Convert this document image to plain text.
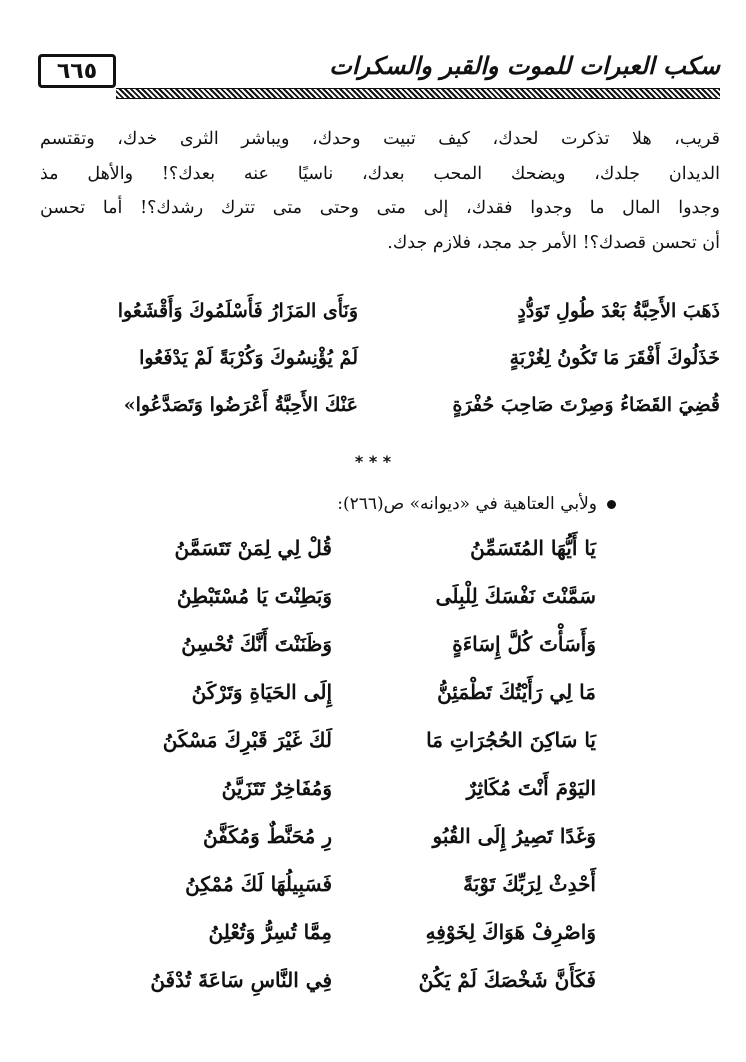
٦٦٥	سكب العبرات للموت والقبر والسكرات
قريب، هلا تذكرت لحدك، كيف تبيت وحدك، ويباشر الثرى خدك، وتقتسم
الديدان جلدك، ويضحك المحب بعدك، ناسيًا عنه بعدك؟! والأهل مذ
وجدوا المال ما وجدوا فقدك، إلى متى وحتى متى تترك رشدك؟! أما تحسن
أن تحسن قصدك؟! الأمر جد مجد، فلازم جدك.
ذَهَبَ الأَحِبَّةُ بَعْدَ طُولِ تَوَدُّدٍ
وَنَأَى المَزَارُ فَأَسْلَمُوكَ وَأَقْشَعُوا
خَذَلُوكَ أَفْقَرَ مَا تَكُونُ لِغُرْبَةٍ
لَمْ يُؤْنِسُوكَ وَكُرْبَةً لَمْ يَدْفَعُوا
قُضِيَ القَضَاءُ وَصِرْتَ صَاحِبَ حُفْرَةٍ
عَنْكَ الأَحِبَّةُ أَعْرَضُوا وَتَصَدَّعُوا»
* * *
ولأبي العتاهية في «ديوانه» ص(٢٦٦):
يَا أَيُّهَا المُتَسَمِّنُ
قُلْ لِي لِمَنْ تَتَسَمَّنُ
سَمَّنْتَ نَفْسَكَ لِلْبِلَى
وَبَطِنْتَ يَا مُسْتَبْطِنُ
وَأَسَأْتَ كُلَّ إِسَاءَةٍ
وَظَنَنْتَ أَنَّكَ تُحْسِنُ
مَا لِي رَأَيْتُكَ تَطْمَئِنُّ
إِلَى الحَيَاةِ وَتَرْكَنُ
يَا سَاكِنَ الحُجُرَاتِ مَا
لَكَ غَيْرَ قَبْرِكَ مَسْكَنُ
اليَوْمَ أَنْتَ مُكَاثِرٌ
وَمُفَاخِرٌ تَتَزَيَّنُ
وَغَدًا تَصِيرُ إِلَى القُبُو
رِ مُحَنَّطٌ وَمُكَفَّنُ
أَحْدِثْ لِرَبِّكَ تَوْبَةً
فَسَبِيلُهَا لَكَ مُمْكِنُ
وَاصْرِفْ هَوَاكَ لِخَوْفِهِ
مِمَّا تُسِرُّ وَتُعْلِنُ
فَكَأَنَّ شَخْصَكَ لَمْ يَكُنْ
فِي النَّاسِ سَاعَةَ تُدْفَنُ
